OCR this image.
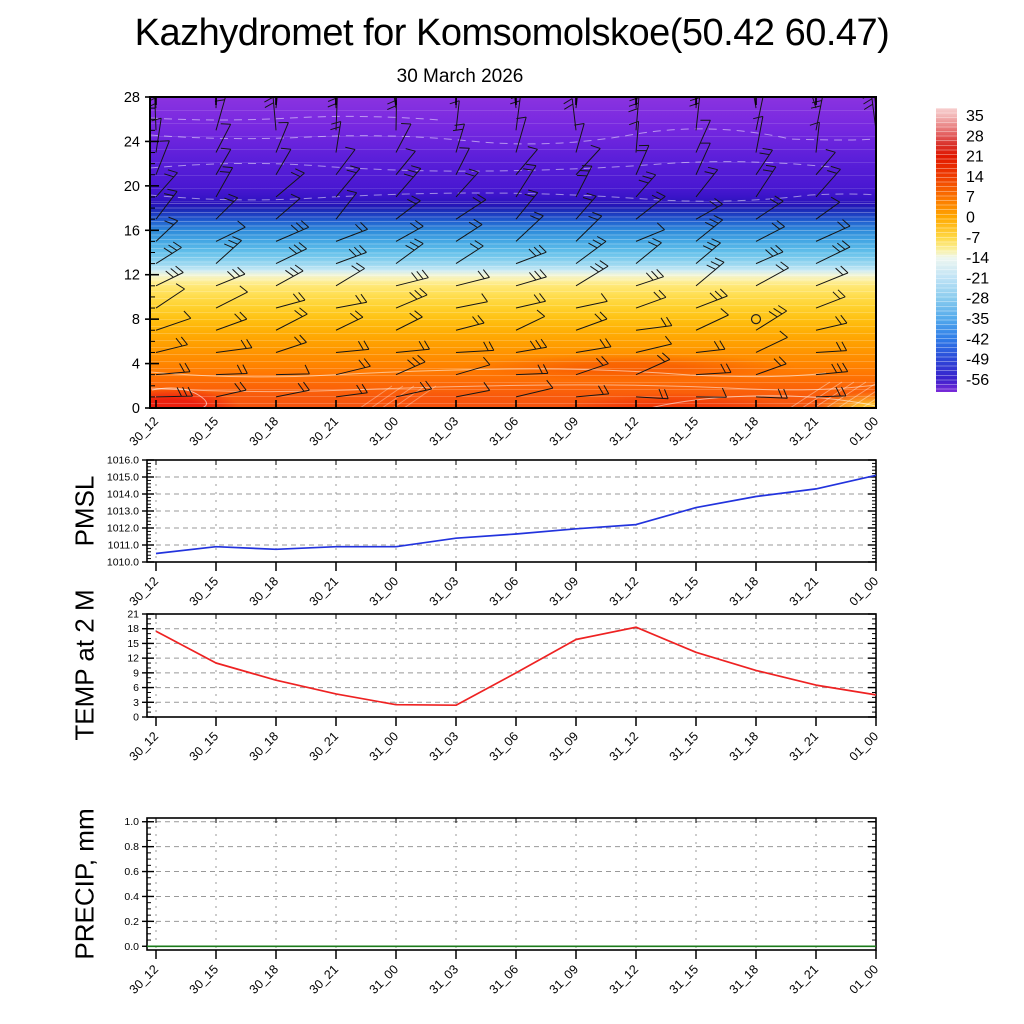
Kazhydromet for Komsomolskoe(50.42 60.47)
30 March 2026
PMSL
TEMP at 2 M
PRECIP, mm
0
4
8
12
16
20
24
28
30_12 30_15 30_18 30_21 31_00 31_03 31_06 31_09 31_12 31_15 31_18 31_21 01_00
35
28
21
14
7
0
-7
-14
-21
-28
-35
-42
-49
-56
1010.0
1011.0
1012.0
1013.0
1014.0
1015.0
1016.0
30_12 30_15 30_18 30_21 31_00 31_03 31_06 31_09 31_12 31_15 31_18 31_21 01_00
0
3
6
9
12
15
18
21
30_12 30_15 30_18 30_21 31_00 31_03 31_06 31_09 31_12 31_15 31_18 31_21 01_00
0.0
0.2
0.4
0.6
0.8
1.0
30_12 30_15 30_18 30_21 31_00 31_03 31_06 31_09 31_12 31_15 31_18 31_21 01_00
